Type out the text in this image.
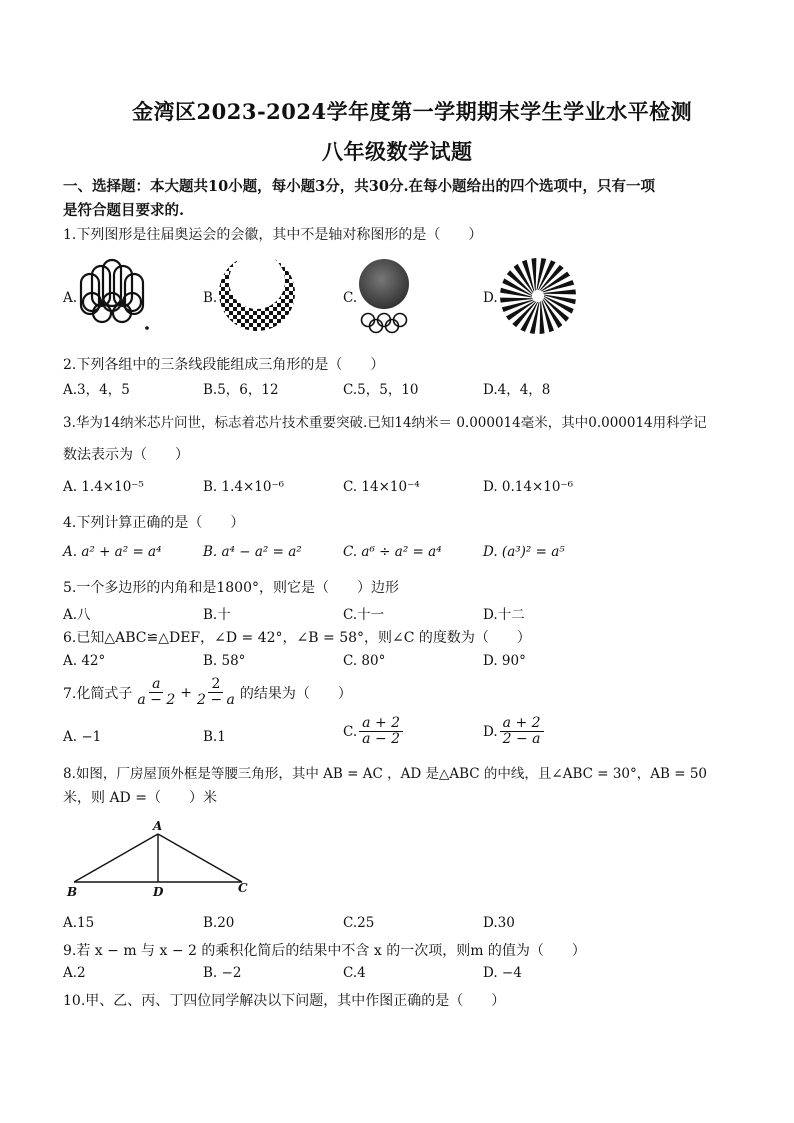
金湾区2023-2024学年度第一学期期末学生学业水平检测
八年级数学试题
一、选择题：本大题共10小题，每小题3分，共30分.在每小题给出的四个选项中，只有一项
是符合题目要求的.
1.下列图形是往届奥运会的会徽，其中不是轴对称图形的是（　　）
A.	B.	C.	D.
2.下列各组中的三条线段能组成三角形的是（　　）
A.3，4，5	B.5，6，12	C.5，5，10	D.4，4，8
3.华为14纳米芯片问世，标志着芯片技术重要突破.已知14纳米＝ 0.000014毫米，其中0.000014用科学记
数法表示为（　　）
A. 1.4×10⁻⁵	B. 1.4×10⁻⁶	C. 14×10⁻⁴	D. 0.14×10⁻⁶
4.下列计算正确的是（　　）
A. a² + a² = a⁴	B. a⁴ − a² = a²	C. a⁶ ÷ a² = a⁴	D. (a³)² = a⁵
5.一个多边形的内角和是1800°，则它是（　　）边形
A.八	B.十	C.十一	D.十二
6.已知△ABC≌△DEF，∠D = 42°，∠B = 58°，则∠C 的度数为（　　）
A. 42°	B. 58°	C. 80°	D. 90°
7.化简式子 $\frac{a}{a - 2} + \frac{2}{2 - a}$ 的结果为（　　）
A. −1	B.1	C. $\frac{a + 2}{a - 2}$	D. $\frac{a + 2}{2 - a}$
8.如图，厂房屋顶外框是等腰三角形，其中 AB = AC ，AD 是△ABC 的中线，且∠ABC = 30°，AB = 50
米，则 AD =（　　）米
A
B	D	C
A.15	B.20	C.25	D.30
9.若 x − m 与 x − 2 的乘积化简后的结果中不含 x 的一次项，则m 的值为（　　）
A.2	B. −2	C.4	D. −4
10.甲、乙、丙、丁四位同学解决以下问题，其中作图正确的是（　　）
